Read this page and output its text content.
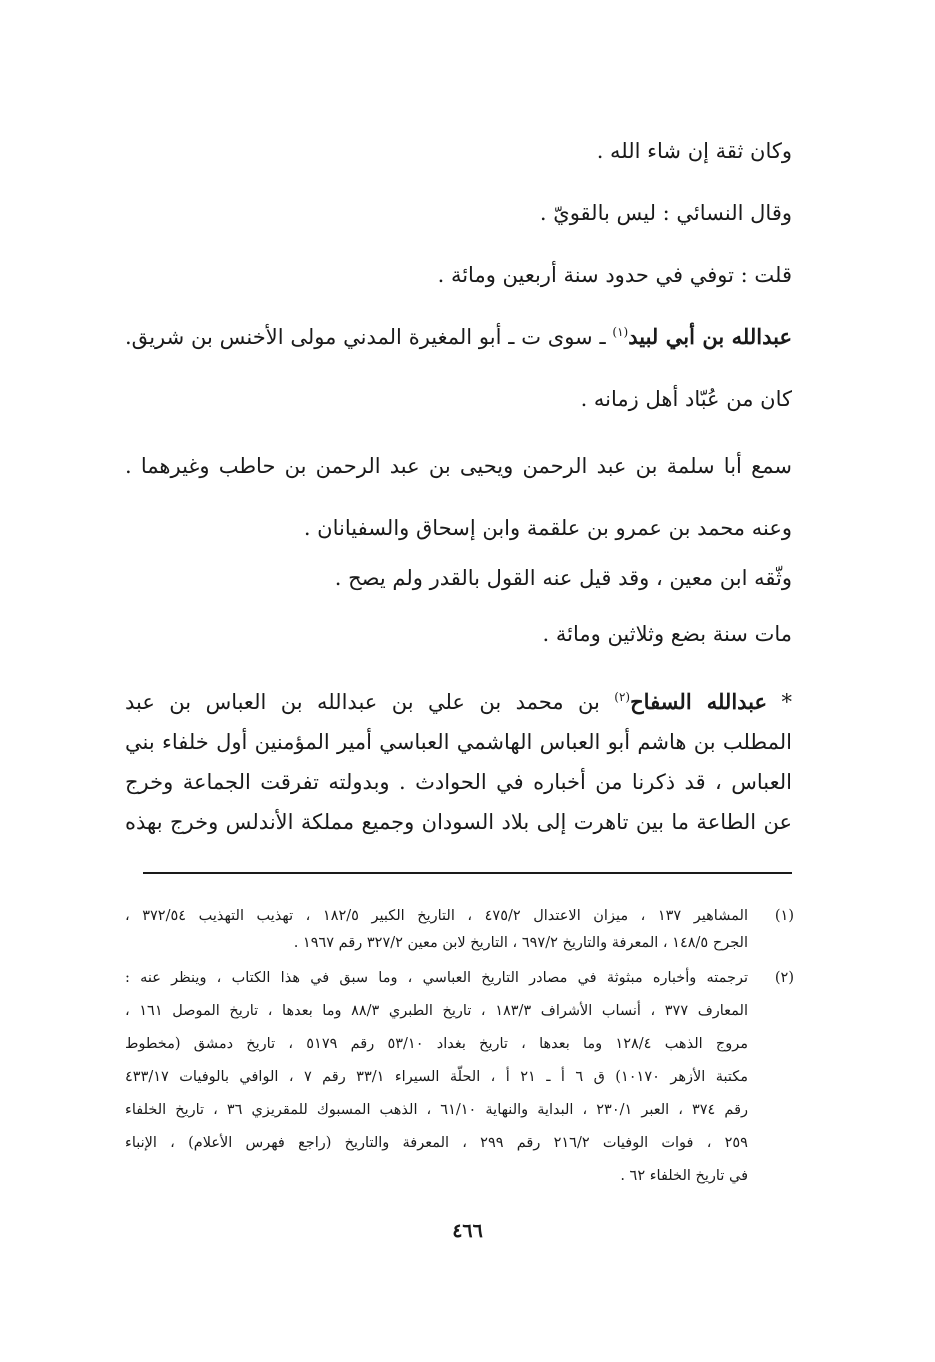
وكان ثقة إن شاء الله .
وقال النسائي : ليس بالقويّ .
قلت : توفي في حدود سنة أربعين ومائة .
عبدالله بن أبي لبيد$^{(١)}$ ـ سوى ت ـ أبو المغيرة المدني مولى الأخنس بن شريق.
كان من عُبّاد أهل زمانه .
سمع أبا سلمة بن عبد الرحمن ويحيى بن عبد الرحمن بن حاطب وغيرهما .
وعنه محمد بن عمرو بن علقمة وابن إسحاق والسفيانان .
وثّقه ابن معين ، وقد قيل عنه القول بالقدر ولم يصح .
مات سنة بضع وثلاثين ومائة .
* عبدالله السفاح$^{(٢)}$ بن محمد بن علي بن عبدالله بن العباس بن عبد
المطلب بن هاشم أبو العباس الهاشمي العباسي أمير المؤمنين أول خلفاء بني
العباس ، قد ذكرنا من أخباره في الحوادث . وبدولته تفرقت الجماعة وخرج
عن الطاعة ما بين تاهرت إلى بلاد السودان وجميع مملكة الأندلس وخرج بهذه
(١)
المشاهير ١٣٧ ، ميزان الاعتدال ٤٧٥/٢ ، التاريخ الكبير ١٨٢/٥ ، تهذيب التهذيب ٣٧٢/٥٤ ،
الجرح ١٤٨/٥ ، المعرفة والتاريخ ٦٩٧/٢ ، التاريخ لابن معين ٣٢٧/٢ رقم ١٩٦٧ .
(٢)
ترجمته وأخباره مبثوثة في مصادر التاريخ العباسي ، وما سبق في هذا الكتاب ، وينظر عنه :
المعارف ٣٧٧ ، أنساب الأشراف ١٨٣/٣ ، تاريخ الطبري ٨٨/٣ وما بعدها ، تاريخ الموصل ١٦١ ،
مروج الذهب ١٢٨/٤ وما بعدها ، تاريخ بغداد ٥٣/١٠ رقم ٥١٧٩ ، تاريخ دمشق (مخطوط
مكتبة الأزهر ١٠١٧٠) ق ٦ أ ـ ٢١ أ ، الحلّة السيراء ٣٣/١ رقم ٧ ، الوافي بالوفيات ٤٣٣/١٧
رقم ٣٧٤ ، العبر ٢٣٠/١ ، البداية والنهاية ٦١/١٠ ، الذهب المسبوك للمقريزي ٣٦ ، تاريخ الخلفاء
٢٥٩ ، فوات الوفيات ٢١٦/٢ رقم ٢٩٩ ، المعرفة والتاريخ (راجع فهرس الأعلام) ، الإنباء
في تاريخ الخلفاء ٦٢ .
٤٦٦
